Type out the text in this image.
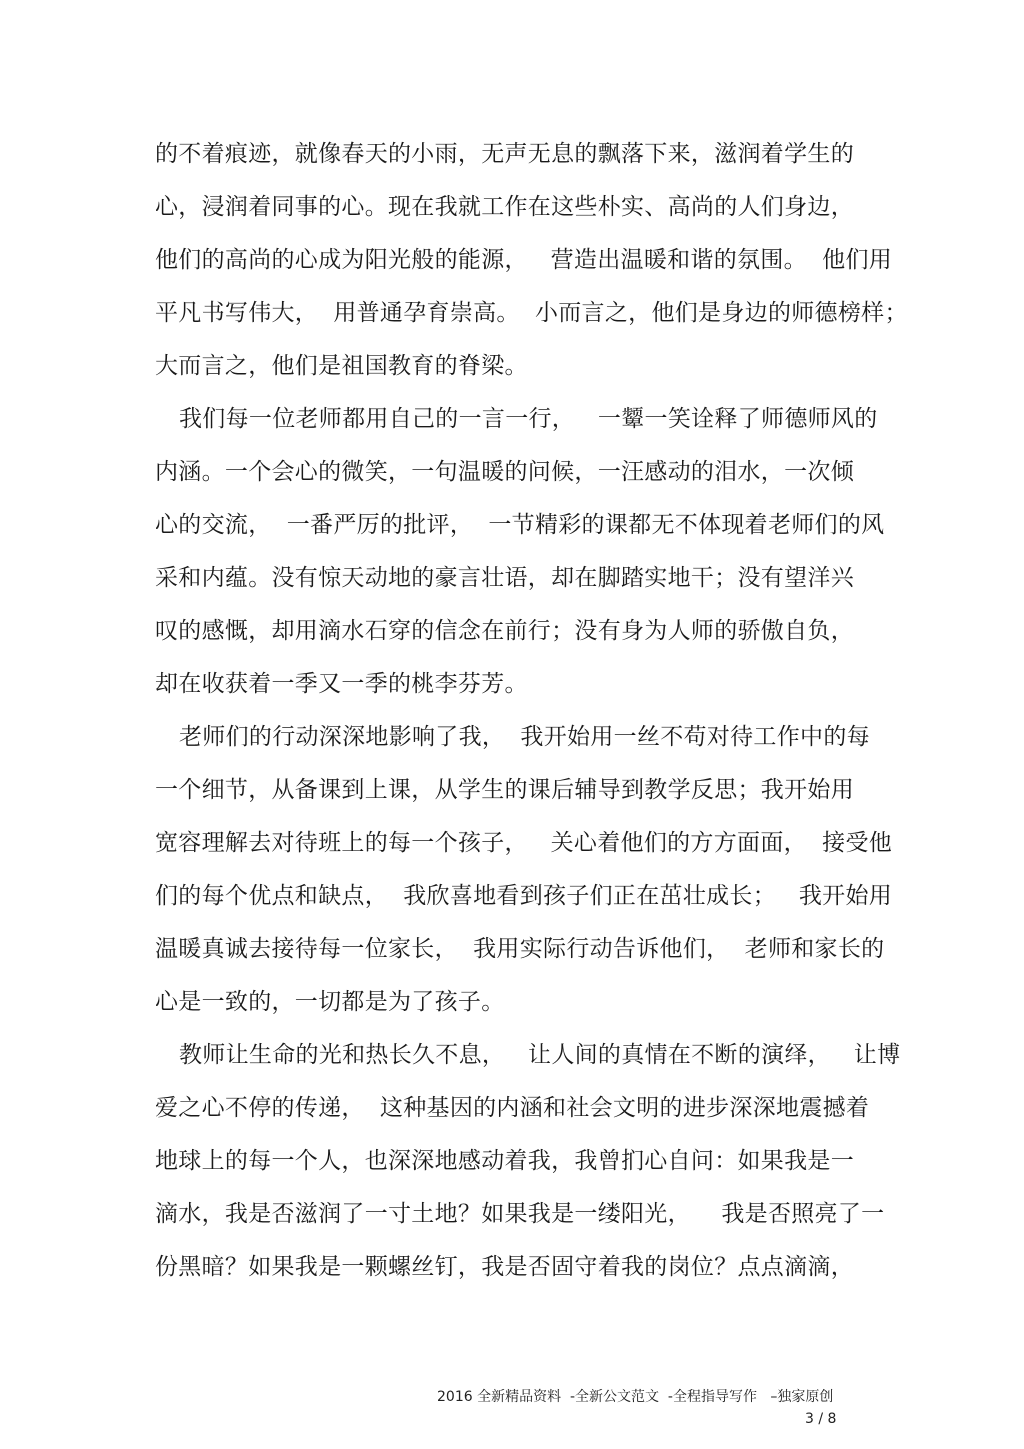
的不着痕迹，就像春天的小雨，无声无息的飘落下来，滋润着学生的
心，浸润着同事的心。现在我就工作在这些朴实、高尚的人们身边，
他们的高尚的心成为阳光般的能源，   营造出温暖和谐的氛围。  他们用
平凡书写伟大，  用普通孕育崇高。  小而言之，他们是身边的师德榜样；
大而言之，他们是祖国教育的脊梁。
我们每一位老师都用自己的一言一行，   一颦一笑诠释了师德师风的
内涵。一个会心的微笑，一句温暖的问候，一汪感动的泪水，一次倾
心的交流，  一番严厉的批评，  一节精彩的课都无不体现着老师们的风
采和内蕴。没有惊天动地的豪言壮语，却在脚踏实地干；没有望洋兴
叹的感慨，却用滴水石穿的信念在前行；没有身为人师的骄傲自负，
却在收获着一季又一季的桃李芬芳。
老师们的行动深深地影响了我，  我开始用一丝不苟对待工作中的每
一个细节，从备课到上课，从学生的课后辅导到教学反思；我开始用
宽容理解去对待班上的每一个孩子，   关心着他们的方方面面，  接受他
们的每个优点和缺点，  我欣喜地看到孩子们正在茁壮成长；   我开始用
温暖真诚去接待每一位家长，  我用实际行动告诉他们，  老师和家长的
心是一致的，一切都是为了孩子。
教师让生命的光和热长久不息，   让人间的真情在不断的演绎，   让博
爱之心不停的传递，  这种基因的内涵和社会文明的进步深深地震撼着
地球上的每一个人，也深深地感动着我，我曾扪心自问：如果我是一
滴水，我是否滋润了一寸土地？如果我是一缕阳光，    我是否照亮了一
份黑暗？如果我是一颗螺丝钉，我是否固守着我的岗位？点点滴滴，
2016 全新精品资料  -全新公文范文  -全程指导写作   –独家原创
3 / 8
